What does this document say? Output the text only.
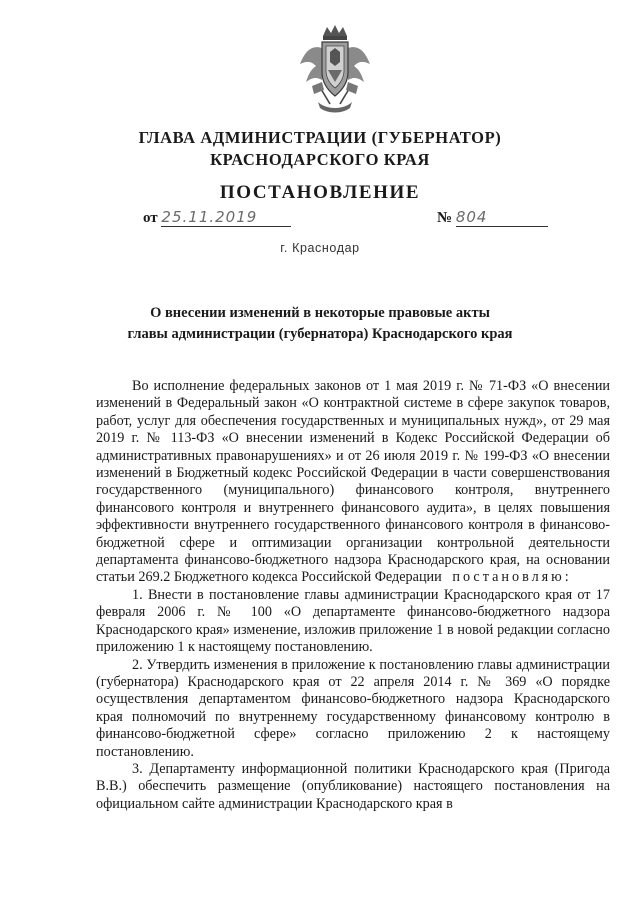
ГЛАВА АДМИНИСТРАЦИИ (ГУБЕРНАТОР)
КРАСНОДАРСКОГО КРАЯ
ПОСТАНОВЛЕНИЕ
от 25.11.2019	№ 804
г. Краснодар
О внесении изменений в некоторые правовые акты
главы администрации (губернатора) Краснодарского края

Во исполнение федеральных законов от 1 мая 2019 г. № 71-ФЗ «О внесении изменений в Федеральный закон «О контрактной системе в сфере закупок товаров, работ, услуг для обеспечения государственных и муниципальных нужд», от 29 мая 2019 г. № 113-ФЗ «О внесении изменений в Кодекс Российской Федерации об административных правонарушениях» и от 26 июля 2019 г. № 199-ФЗ «О внесении изменений в Бюджетный кодекс Российской Федерации в части совершенствования государственного (муниципального) финансового контроля, внутреннего финансового контроля и внутреннего финансового аудита», в целях повышения эффективности внутреннего государственного финансового контроля в финансово-бюджетной сфере и оптимизации организации контрольной деятельности департамента финансово-бюджетного надзора Краснодарского края, на основании статьи 269.2 Бюджетного кодекса Российской Федерации постановляю:

1. Внести в постановление главы администрации Краснодарского края от 17 февраля 2006 г. № 100 «О департаменте финансово-бюджетного надзора Краснодарского края» изменение, изложив приложение 1 в новой редакции согласно приложению 1 к настоящему постановлению.

2. Утвердить изменения в приложение к постановлению главы администрации (губернатора) Краснодарского края от 22 апреля 2014 г. № 369 «О порядке осуществления департаментом финансово-бюджетного надзора Краснодарского края полномочий по внутреннему государственному финансовому контролю в финансово-бюджетной сфере» согласно приложению 2 к настоящему постановлению.

3. Департаменту информационной политики Краснодарского края (Пригода В.В.) обеспечить размещение (опубликование) настоящего постановления на официальном сайте администрации Краснодарского края в
